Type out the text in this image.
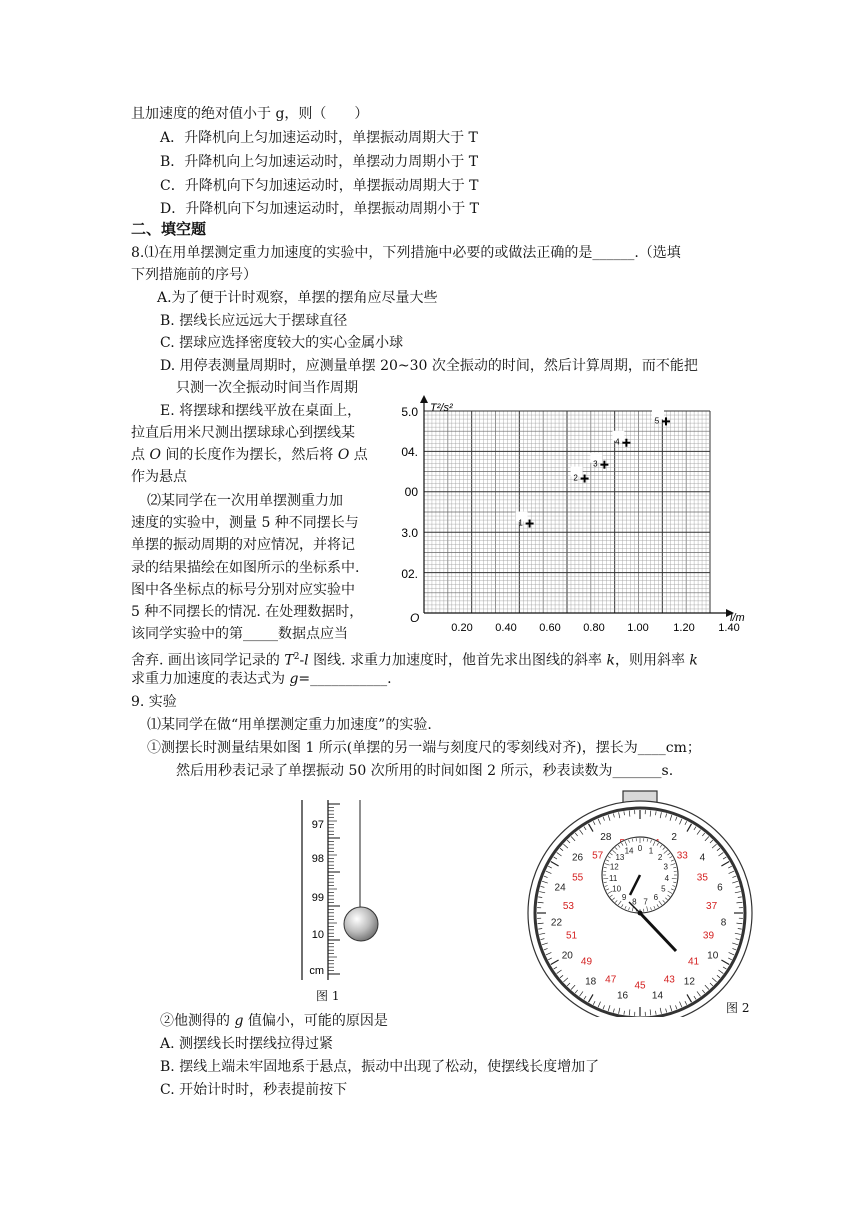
且加速度的绝对值小于 g，则（　　）
A．升降机向上匀加速运动时，单摆振动周期大于 T
B．升降机向上匀加速运动时，单摆动力周期小于 T
C．升降机向下匀加速运动时，单摆振动周期大于 T
D．升降机向下匀加速运动时，单摆振动周期小于 T
二、填空题
8.⑴在用单摆测定重力加速度的实验中，下列措施中必要的或做法正确的是______.（选填
下列措施前的序号）
A.为了便于计时观察，单摆的摆角应尽量大些
B. 摆线长应远远大于摆球直径
C. 摆球应选择密度较大的实心金属小球
D. 用停表测量周期时，应测量单摆 20~30 次全振动的时间，然后计算周期，而不能把
只测一次全振动时间当作周期
E. 将摆球和摆线平放在桌面上，
拉直后用米尺测出摆球球心到摆线某
点 O 间的长度作为摆长，然后将 O 点
作为悬点
⑵某同学在一次用单摆测重力加
速度的实验中，测量 5 种不同摆长与
单摆的振动周期的对应情况，并将记
录的结果描绘在如图所示的坐标系中.
图中各坐标点的标号分别对应实验中
5 种不同摆长的情况. 在处理数据时，
该同学实验中的第_____数据点应当
舍弃. 画出该同学记录的 $T^2-l$ 图线. 求重力加速度时，他首先求出图线的斜率 k，则用斜率 k
求重力加速度的表达式为 g=___________.
0.20 0.40 0.60 0.80 1.00 1.20 1.40
5.0
04.
00
3.0
02.
1
2
3
4
5
T²/s²
l/m
O
9. 实验
⑴某同学在做“用单摆测定重力加速度”的实验.
①测摆长时测量结果如图 1 所示(单摆的另一端与刻度尺的零刻线对齐)，摆长为____cm；
然后用秒表记录了单摆振动 50 次所用的时间如图 2 所示，秒表读数为_______s.
97
98
99
10
cm
图 1
2
4
6
8
10
12
14
16
18
20
22
24
26
28
33
35
37
39
41
43
45
47
49
51
53
55
57
0 1
2
3
4
5
6
7
8
9
10
11
12
13
14
图 2
②他测得的 g 值偏小，可能的原因是
A. 测摆线长时摆线拉得过紧
B. 摆线上端未牢固地系于悬点，振动中出现了松动，使摆线长度增加了
C. 开始计时时，秒表提前按下
